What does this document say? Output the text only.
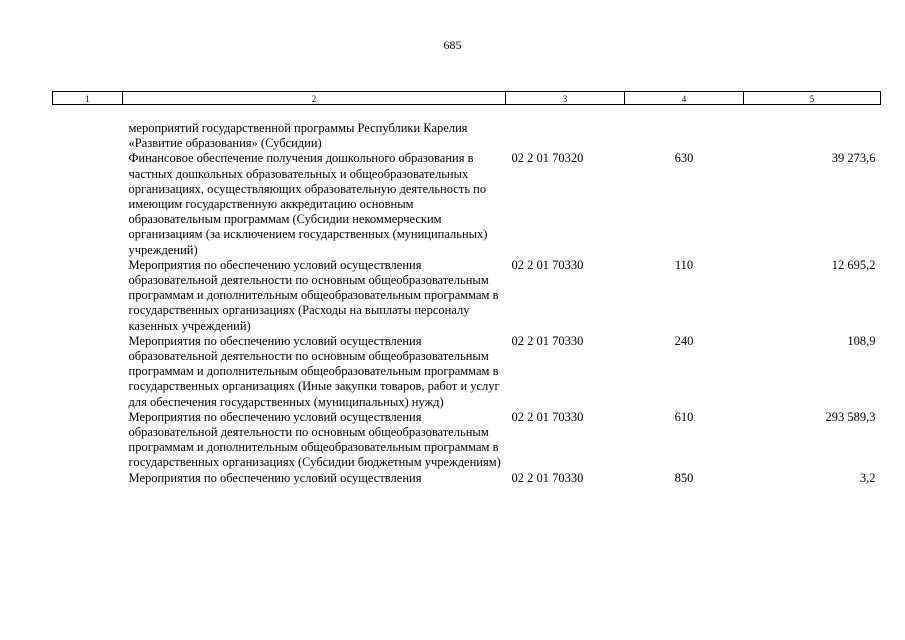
685
1	2	3	4	5
	мероприятий государственной программы Республики Карелия «Развитие образования» (Субсидии)			
	Финансовое обеспечение получения дошкольного образования в частных дошкольных образовательных и общеобразовательных организациях, осуществляющих образовательную деятельность по имеющим государственную аккредитацию основным образовательным программам (Субсидии некоммерческим организациям (за исключением государственных (муниципальных) учреждений)	02 2 01 70320	630	39 273,6
	Мероприятия по обеспечению условий осуществления образовательной деятельности по основным общеобразовательным программам и дополнительным общеобразовательным программам в государственных организациях (Расходы на выплаты персоналу казенных учреждений)	02 2 01 70330	110	12 695,2
	Мероприятия по обеспечению условий осуществления образовательной деятельности по основным общеобразовательным программам и дополнительным общеобразовательным программам в государственных организациях (Иные закупки товаров, работ и услуг для обеспечения государственных (муниципальных) нужд)	02 2 01 70330	240	108,9
	Мероприятия по обеспечению условий осуществления образовательной деятельности по основным общеобразовательным программам и дополнительным общеобразовательным программам в государственных организациях (Субсидии бюджетным учреждениям)	02 2 01 70330	610	293 589,3
	Мероприятия по обеспечению условий осуществления	02 2 01 70330	850	3,2
